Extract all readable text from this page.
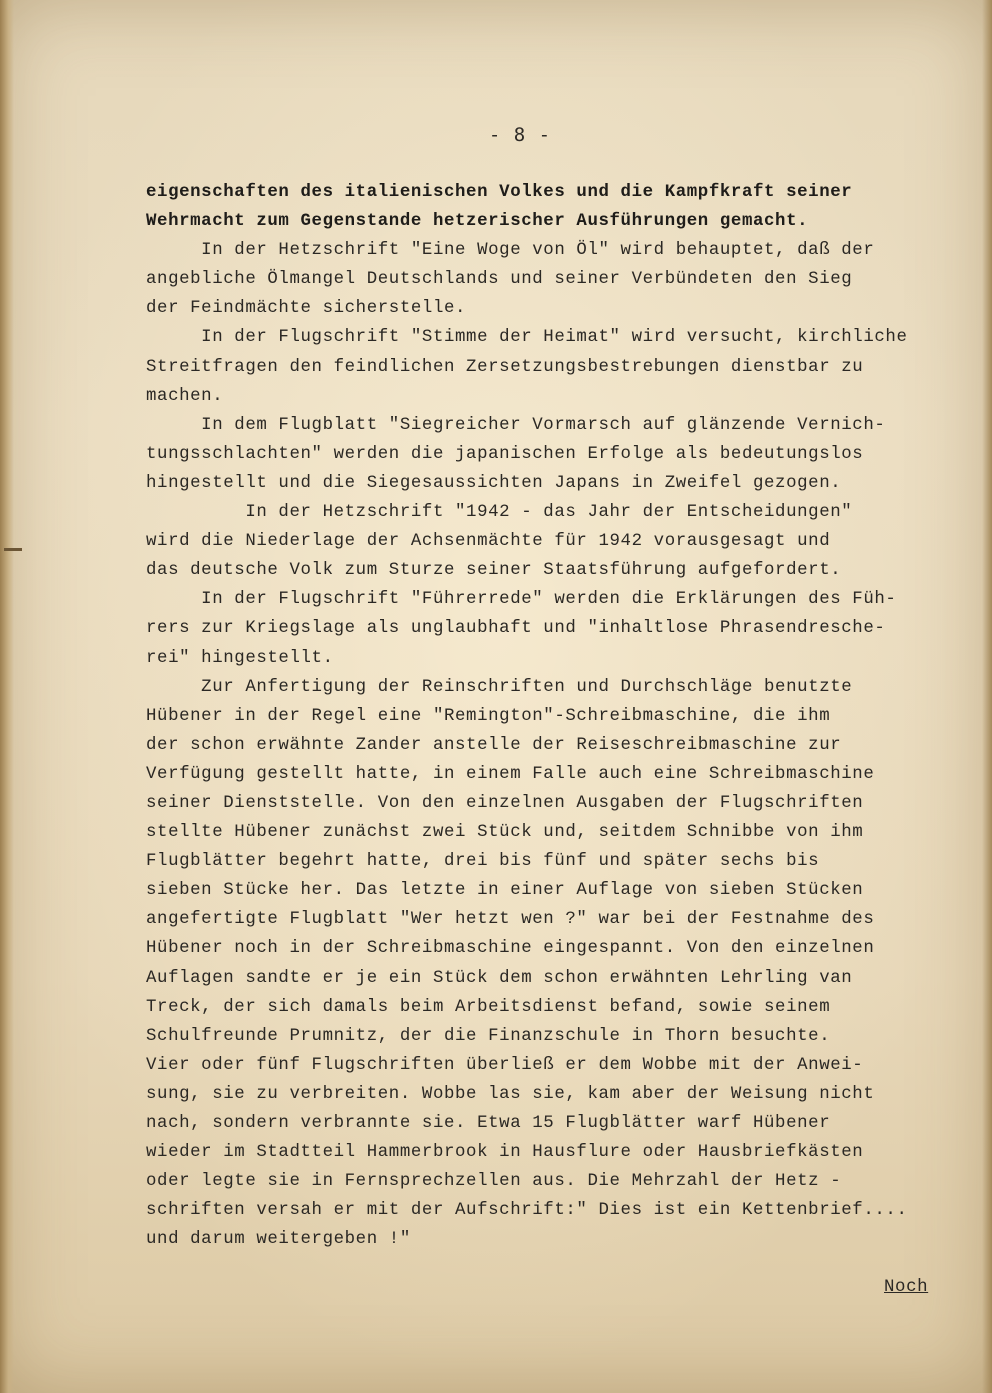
- 8 -
eigenschaften des italienischen Volkes und die Kampfkraft seiner
Wehrmacht zum Gegenstande hetzerischer Ausführungen gemacht.
In der Hetzschrift "Eine Woge von Öl" wird behauptet, daß der
angebliche Ölmangel Deutschlands und seiner Verbündeten den Sieg
der Feindmächte sicherstelle.
In der Flugschrift "Stimme der Heimat" wird versucht, kirchliche
Streitfragen den feindlichen Zersetzungsbestrebungen dienstbar zu
machen.
In dem Flugblatt "Siegreicher Vormarsch auf glänzende Vernich-
tungsschlachten" werden die japanischen Erfolge als bedeutungslos
hingestellt und die Siegesaussichten Japans in Zweifel gezogen.
In der Hetzschrift "1942 - das Jahr der Entscheidungen"
wird die Niederlage der Achsenmächte für 1942 vorausgesagt und
das deutsche Volk zum Sturze seiner Staatsführung aufgefordert.
In der Flugschrift "Führerrede" werden die Erklärungen des Füh-
rers zur Kriegslage als unglaubhaft und "inhaltlose Phrasendresche-
rei" hingestellt.
Zur Anfertigung der Reinschriften und Durchschläge benutzte
Hübener in der Regel eine "Remington"-Schreibmaschine, die ihm
der schon erwähnte Zander anstelle der Reiseschreibmaschine zur
Verfügung gestellt hatte, in einem Falle auch eine Schreibmaschine
seiner Dienststelle. Von den einzelnen Ausgaben der Flugschriften
stellte Hübener zunächst zwei Stück und, seitdem Schnibbe von ihm
Flugblätter begehrt hatte, drei bis fünf und später sechs bis
sieben Stücke her. Das letzte in einer Auflage von sieben Stücken
angefertigte Flugblatt "Wer hetzt wen ?" war bei der Festnahme des
Hübener noch in der Schreibmaschine eingespannt. Von den einzelnen
Auflagen sandte er je ein Stück dem schon erwähnten Lehrling van
Treck, der sich damals beim Arbeitsdienst befand, sowie seinem
Schulfreunde Prumnitz, der die Finanzschule in Thorn besuchte.
Vier oder fünf Flugschriften überließ er dem Wobbe mit der Anwei-
sung, sie zu verbreiten. Wobbe las sie, kam aber der Weisung nicht
nach, sondern verbrannte sie. Etwa 15 Flugblätter warf Hübener
wieder im Stadtteil Hammerbrook in Hausflure oder Hausbriefkästen
oder legte sie in Fernsprechzellen aus. Die Mehrzahl der Hetz -
schriften versah er mit der Aufschrift:" Dies ist ein Kettenbrief....
und darum weitergeben !"
Noch
